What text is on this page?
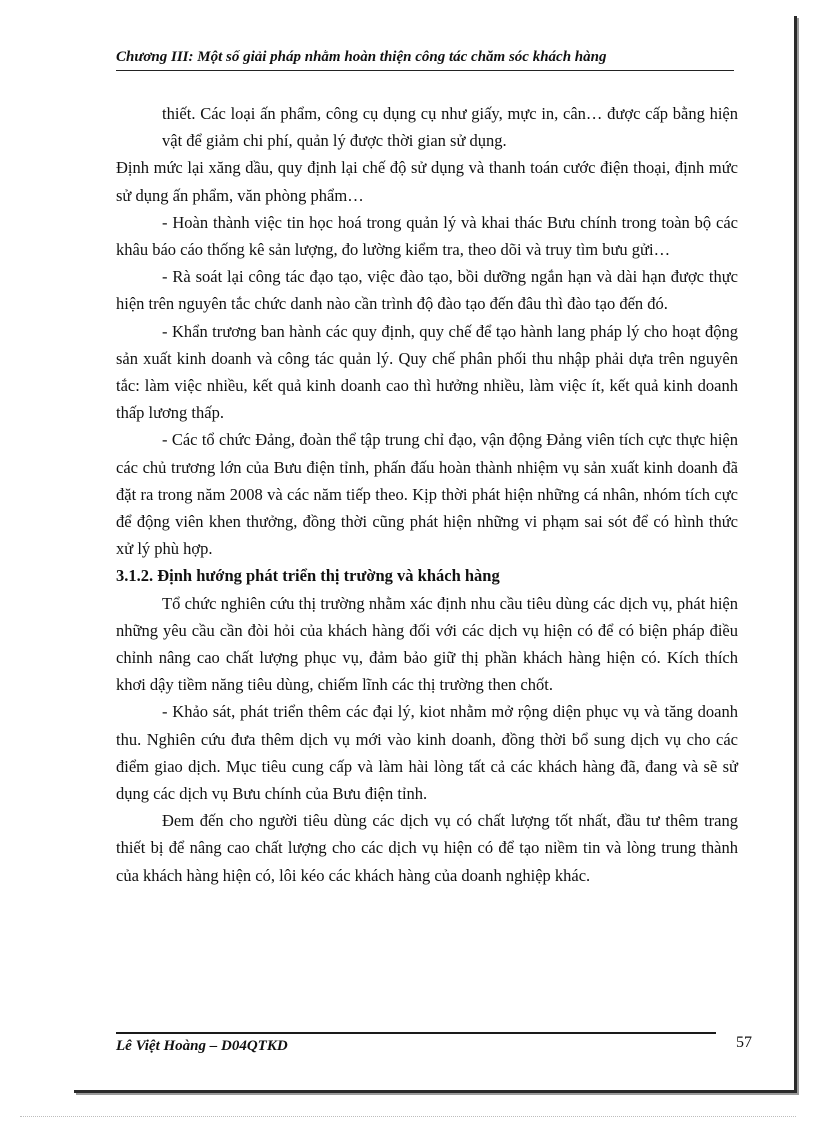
Chương III: Một số giải pháp nhằm hoàn thiện công tác chăm sóc khách hàng

thiết. Các loại ấn phẩm, công cụ dụng cụ như giấy, mực in, cân… được cấp bằng hiện vật để giảm chi phí, quản lý được thời gian sử dụng.

Định mức lại xăng dầu, quy định lại chế độ sử dụng và thanh toán cước điện thoại, định mức sử dụng ấn phẩm, văn phòng phẩm…

- Hoàn thành việc tin học hoá trong quản lý và khai thác Bưu chính trong toàn bộ các khâu báo cáo thống kê sản lượng, đo lường kiểm tra, theo dõi và truy tìm bưu gửi…

- Rà soát lại công tác đạo tạo, việc đào tạo, bồi dưỡng ngắn hạn và dài hạn được thực hiện trên nguyên tắc chức danh nào cần trình độ đào tạo đến đâu thì đào tạo đến đó.

- Khẩn trương ban hành các quy định, quy chế để tạo hành lang pháp lý cho hoạt động sản xuất kinh doanh và công tác quản lý. Quy chế phân phối thu nhập phải dựa trên nguyên tắc: làm việc nhiều, kết quả kinh doanh cao thì hưởng nhiều, làm việc ít, kết quả kinh doanh thấp lương thấp.

- Các tổ chức Đảng, đoàn thể tập trung chỉ đạo, vận động Đảng viên tích cực thực hiện các chủ trương lớn của Bưu điện tỉnh, phấn đấu hoàn thành nhiệm vụ sản xuất kinh doanh đã đặt ra trong năm 2008 và các năm tiếp theo. Kịp thời phát hiện những cá nhân, nhóm tích cực để động viên khen thưởng, đồng thời cũng phát hiện những vi phạm sai sót để có hình thức xử lý phù hợp.

3.1.2. Định hướng phát triển thị trường và khách hàng

Tổ chức nghiên cứu thị trường nhằm xác định nhu cầu tiêu dùng các dịch vụ, phát hiện những yêu cầu cần đòi hỏi của khách hàng đối với các dịch vụ hiện có để có biện pháp điều chỉnh nâng cao chất lượng phục vụ, đảm bảo giữ thị phần khách hàng hiện có. Kích thích khơi dậy tiềm năng tiêu dùng, chiếm lĩnh các thị trường then chốt.

- Khảo sát, phát triển thêm các đại lý, kiot nhằm mở rộng diện phục vụ và tăng doanh thu. Nghiên cứu đưa thêm dịch vụ mới vào kinh doanh, đồng thời bổ sung dịch vụ cho các điểm giao dịch. Mục tiêu cung cấp và làm hài lòng tất cả các khách hàng đã, đang và sẽ sử dụng các dịch vụ Bưu chính của Bưu điện tỉnh.

Đem đến cho người tiêu dùng các dịch vụ có chất lượng tốt nhất, đầu tư thêm trang thiết bị để nâng cao chất lượng cho các dịch vụ hiện có để tạo niềm tin và lòng trung thành của khách hàng hiện có, lôi kéo các khách hàng của doanh nghiệp khác.

Lê Việt Hoàng – D04QTKD	57
